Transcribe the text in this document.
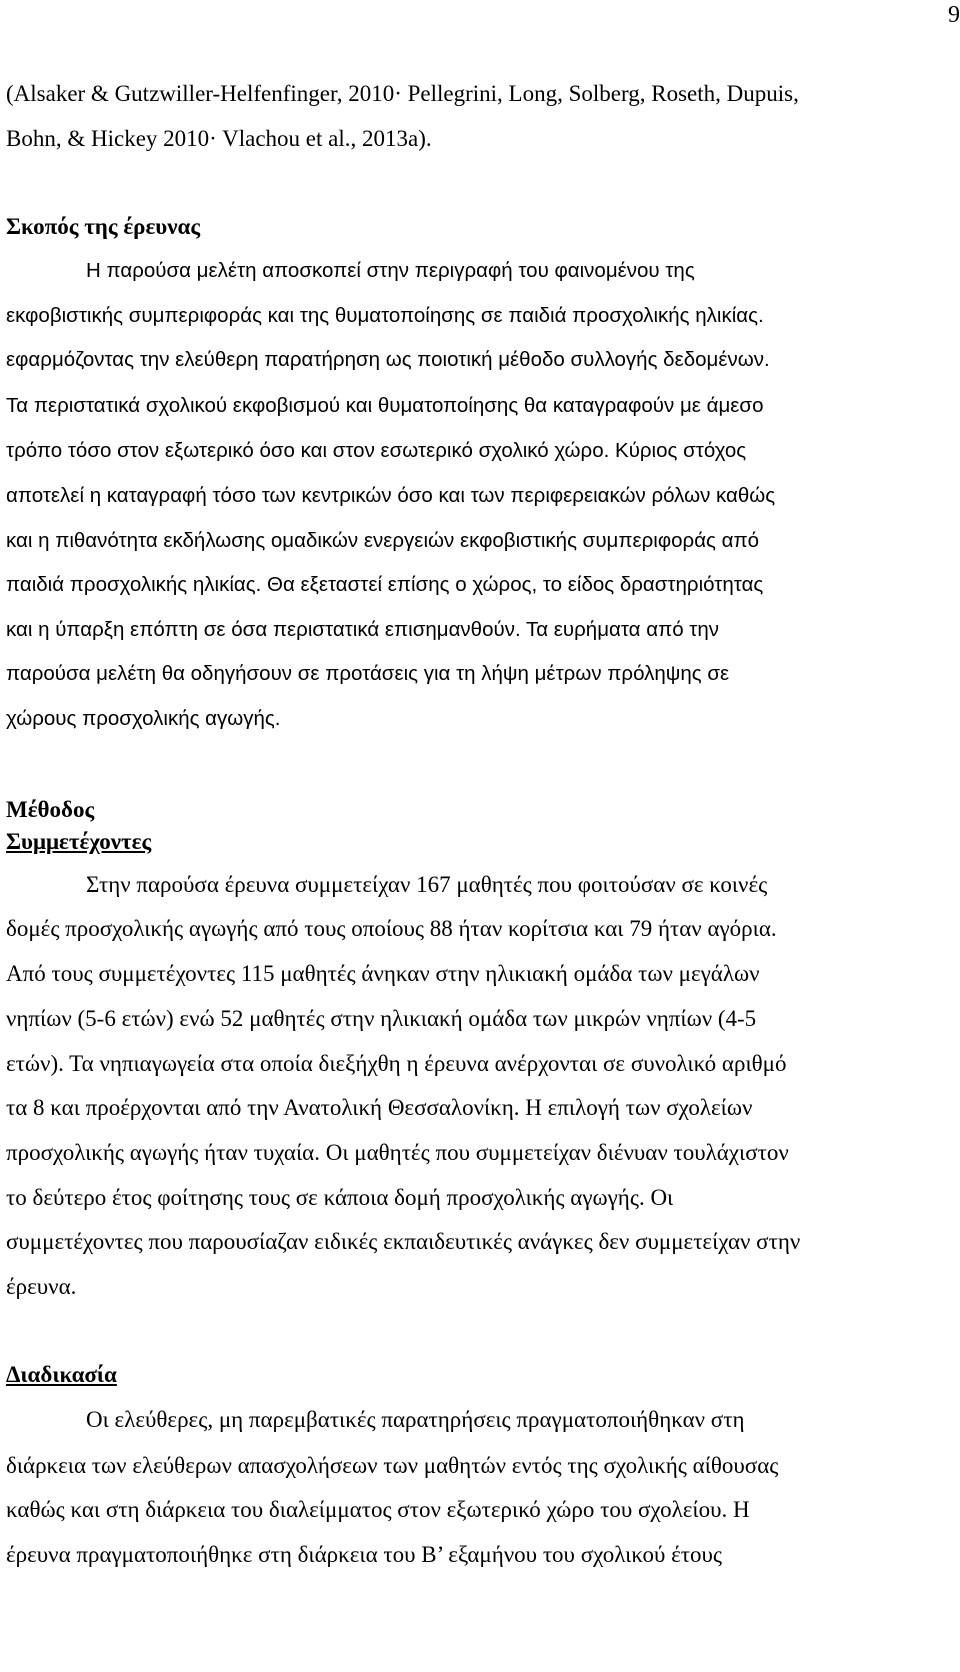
9
(Alsaker & Gutzwiller-Helfenfinger, 2010· Pellegrini, Long, Solberg, Roseth, Dupuis,
Bohn, & Hickey 2010· Vlachou et al., 2013a).
Σκοπός της έρευνας
Η παρούσα μελέτη αποσκοπεί στην περιγραφή του φαινομένου της
εκφοβιστικής συμπεριφοράς και της θυματοποίησης σε παιδιά προσχολικής ηλικίας.
εφαρμόζοντας την ελεύθερη παρατήρηση ως ποιοτική μέθοδο συλλογής δεδομένων.
Τα περιστατικά σχολικού εκφοβισμού και θυματοποίησης θα καταγραφούν με άμεσο
τρόπο τόσο στον εξωτερικό όσο και στον εσωτερικό σχολικό χώρο. Κύριος στόχος
αποτελεί η καταγραφή τόσο των κεντρικών όσο και των περιφερειακών ρόλων καθώς
και η πιθανότητα εκδήλωσης ομαδικών ενεργειών εκφοβιστικής συμπεριφοράς από
παιδιά προσχολικής ηλικίας. Θα εξεταστεί επίσης ο χώρος, το είδος δραστηριότητας
και η ύπαρξη επόπτη σε όσα περιστατικά επισημανθούν. Τα ευρήματα από την
παρούσα μελέτη θα οδηγήσουν σε προτάσεις για τη λήψη μέτρων πρόληψης σε
χώρους προσχολικής αγωγής.
Μέθοδος
Συμμετέχοντες
Στην παρούσα έρευνα συμμετείχαν 167 μαθητές που φοιτούσαν σε κοινές
δομές προσχολικής αγωγής από τους οποίους 88 ήταν κορίτσια και 79 ήταν αγόρια.
Από τους συμμετέχοντες 115 μαθητές άνηκαν στην ηλικιακή ομάδα των μεγάλων
νηπίων (5-6 ετών) ενώ 52 μαθητές στην ηλικιακή ομάδα των μικρών νηπίων (4-5
ετών). Τα νηπιαγωγεία στα οποία διεξήχθη η έρευνα ανέρχονται σε συνολικό αριθμό
τα 8 και προέρχονται από την Ανατολική Θεσσαλονίκη. Η επιλογή των σχολείων
προσχολικής αγωγής ήταν τυχαία. Οι μαθητές που συμμετείχαν διένυαν τουλάχιστον
το δεύτερο έτος φοίτησης τους σε κάποια δομή προσχολικής αγωγής. Οι
συμμετέχοντες που παρουσίαζαν ειδικές εκπαιδευτικές ανάγκες δεν συμμετείχαν στην
έρευνα.
Διαδικασία
Οι ελεύθερες, μη παρεμβατικές παρατηρήσεις πραγματοποιήθηκαν στη
διάρκεια των ελεύθερων απασχολήσεων των μαθητών εντός της σχολικής αίθουσας
καθώς και στη διάρκεια του διαλείμματος στον εξωτερικό χώρο του σχολείου. Η
έρευνα πραγματοποιήθηκε στη διάρκεια του Β’ εξαμήνου του σχολικού έτους
